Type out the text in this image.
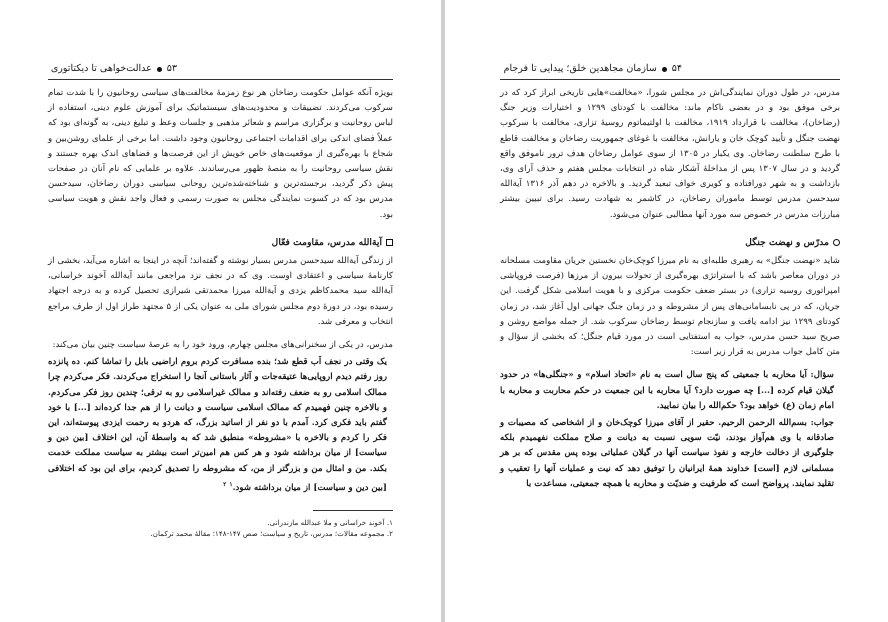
۵۳
عدالت‌خواهی تا دیکتاتوری

بویژه آنکه عوامل حکومت رضاخان هر نوع زمزمهٔ مخالفت‌های سیاسی روحانیون را با شدت تمام سرکوب می‌کردند. تضییقات و محدودیت‌های سیستماتیک برای آموزش علوم دینی، استفاده از لباس روحانیت و برگزاری مراسم و شعائر مذهبی و جلسات وعظ و تبلیغ دینی، به گونه‌ای بود که عملاً فضای اندکی برای اقدامات اجتماعی روحانیون وجود داشت. اما برخی از علمای روشن‌بین و شجاع با بهره‌گیری از موقعیت‌های خاص خویش از این فرصت‌ها و فضاهای اندک بهره جستند و نقش سیاسی روحانیت را به منصهٔ ظهور می‌رساندند. علاوه بر علمایی که نام آنان در صفحات پیش ذکر گردید، برجسته‌ترین و شناخته‌شده‌ترین روحانی سیاسی دوران رضاخان، سیدحسن مدرس بود که در کسوت نمایندگی مجلس به صورت رسمی و فعال واجد نقش و هویت سیاسی بود.

آیةالله مدرس، مقاومت فعّال

از زندگی آیةالله سیدحسن مدرس بسیار نوشته و گفته‌اند؛ آنچه در اینجا به اشاره می‌آید، بخشی از کارنامهٔ سیاسی و اعتقادی اوست. وی که در نجف نزد مراجعی مانند آیةالله آخوند خراسانی، آیةالله سید محمدکاظم یزدی و آیةالله میرزا محمدتقی شیرازی تحصیل کرده و به درجه اجتهاد رسیده بود، در دورهٔ دوم مجلس شورای ملی به عنوان یکی از ۵ مجتهد طراز اول از طرف مراجع انتخاب و معرفی شد.

مدرس، در یکی از سخنرانی‌های مجلس چهارم، ورود خود را به عرصهٔ سیاست چنین بیان می‌کند:

یک وقتی در نجف اَب قطع شد؛ بنده مسافرت کردم بروم اراضیی بابل را تماشا کنم. ده پانزده روز رفتم دیدم اروپایی‌ها عتیقه‌جات و آثار باستانی آنجا را استخراج می‌کردند. فکر می‌کردم چرا ممالک اسلامی رو به ضعف رفته‌اند و ممالک غیراسلامی رو به ترقی؛ چندین روز فکر می‌کردم. و بالاخره چنین فهمیدم که ممالک اسلامی سیاست و دیانت را از هم جدا کرده‌اند [...] با خود گفتم باید فکری کرد. آمدم با دو نفر از اساتید بزرگ، که هردو به رحمت ایزدی پیوسته‌اند، این فکر را کردم و بالاخره با «مشروطه» منطبق شد که به واسطهٔ آن، این اختلاف [بین دین و سیاست] از میان برداشته شود و هر کس هم امین‌تر است بیشتر به سیاست مملکت خدمت بکند. من و امثال من و بزرگتر از من، که مشروطه را تصدیق کردیم، برای این بود که اختلافی [بین دین و سیاست] از میان برداشته شود.$^۱$ $^۲$

۱. آخوند خراسانی و ملا عبدالله مازندرانی.

۲. مجموعه مقالات؛ مدرس، تاریخ و سیاست؛ صص ۱۴۷-۱۴۸؛ مقالهٔ محمد ترکمان.

۵۴
سازمان مجاهدین خلق؛ پیدایی تا فرجام

مدرس، در طول دوران نمایندگی‌اش در مجلس شورا، «مخالفت»هایی تاریخی ابراز کرد که در برخی موفق بود و در بعضی ناکام ماند: مخالفت با کودتای ۱۲۹۹ و اختیارات وزیر جنگ (رضاخان)، مخالفت با قرارداد ۱۹۱۹، مخالفت با اولتیماتوم روسیهٔ تزاری، مخالفت با سرکوب نهضت جنگل و تأیید کوچک خان و یارانش، مخالفت با غوغای جمهوریت رضاخان و مخالفت قاطع با طرح سلطنت رضاخان. وی یکبار در ۱۳۰۵ از سوی عوامل رضاخان هدف ترور ناموفق واقع گردید و در سال ۱۳۰۷ پس از مداخلهٔ آشکار شاه در انتخابات مجلس هفتم و حذف آرای وی، بازداشت و به شهر دورافتاده و کویری خواف تبعید گردید. و بالاخره در دهم آذر ۱۳۱۶ آیةالله سیدحسن مدرس توسط ماموران رضاخان، در کاشمر به شهادت رسید. برای تبیین بیشتر مبارزات مدرس در خصوص سه مورد آنها مطالبی عنوان می‌شود.

مدرّس و نهضت جنگل

شاید «نهضت جنگل» به رهبری طلبه‌ای به نام میرزا کوچک‌خان نخستین جریان مقاومت مسلحانه در دوران معاصر باشد که با استراتژی بهره‌گیری از تحولات بیرون از مرزها (فرصت فروپاشی امپراتوری روسیه تزاری) در بستر ضعف حکومت مرکزی و با هویت اسلامی شکل گرفت. این جریان، که در پی نابسامانی‌های پس از مشروطه و در زمان جنگ جهانی اول آغاز شد، در زمان کودتای ۱۲۹۹ نیز ادامه یافت و سازنجام توسط رضاخان سرکوب شد. از جمله مواضع روشن و صریح سید حسن مدرس، جواب به استفتایی است در مورد قیام جنگل؛ که بخشی از سؤال و متن کامل جواب مدرس به قرار زیر است:

سؤال: آیا محاربه با جمعیتی که پنج سال است به نام «اتحاد اسلام» و «جنگلی‌ها» در حدود گیلان قیام کرده [...] چه صورت دارد؟ آیا محاربه با این جمعیت در حکم محاربت و محاربه با امام زمان (ع) خواهد بود؟ حکم‌الله را بیان نمایید.

جواب: بسم‌الله الرحمن الرحیم. حقیر از آقای میرزا کوچک‌خان و از اشخاصی که مصیبات و صادقانه با وی هم‌آواز بودند، نیّت سویی نسبت به دیانت و صلاح مملکت نفهمیدم بلکه جلوگیری از دخالت خارجه و نفوذ سیاست آنها در گیلان عملیاتی بوده پس مقدس که بر هر مسلمانی لازم [است] خداوند همهٔ ایرانیان را توفیق دهد که نیت و عملیات آنها را تعقیب و تقلید نمایند. پرواضح است که طرفیت و ضدیّت و محاربه با همچه جمعیتی، مساعدت با
